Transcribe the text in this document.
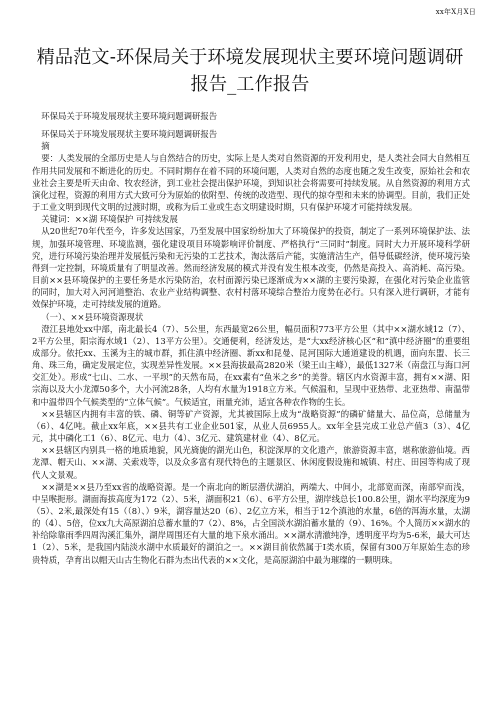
xx年X月X日
精品范文-环保局关于环境发展现状主要环境问题调研报告_工作报告

环保局关于环境发展现状主要环境问题调研报告

环保局关于环境发展现状主要环境问题调研报告

摘

要：人类发展的全部历史是人与自然结合的历史，实际上是人类对自然资源的开发利用史，是人类社会同大自然相互作用共同发展和不断进化的历史。不同时期存在着不同的环境问题，人类对自然的态度也随之发生改变，原始社会和农业社会主要是听天由命、牧农经济，到工业社会提出保护环境，到知识社会将需要可持续发展。从自然资源的利用方式演化过程，资源的利用方式大致可分为原始的依附型、传统的改造型、现代的掠夺型和未来的协调型。目前，我们正处于工业文明到现代文明的过渡时期，或称为后工业或生态文明建设时期，只有保护环境才可能持续发展。

关键词：××湖 环境保护 可持续发展

从20世纪70年代至今，许多发达国家，乃至发展中国家纷纷加大了环境保护的投资，制定了一系列环境保护法、法规，加强环境管理、环境监测，强化建设项目环境影响评价制度、严格执行“三同时”制度。同时大力开展环境科学研究，进行环境污染治理并发展低污染和无污染的工艺技术，淘汰落后产能，实施清洁生产，倡导低碳经济，使环境污染得到一定控制，环境质量有了明显改善。然而经济发展的模式并没有发生根本改变，仍然是高投入、高消耗、高污染。目前××县环境保护的主要任务是水污染防治，农村面源污染已逐渐成为××湖的主要污染源，在强化对污染企业监管的同时，加大对入河河道整治、农业产业结构调整、农村村落环境综合整治力度势在必行。只有深入进行调研，才能有效保护环境，走可持续发展的道路。

（一）、××县环境资源现状

澄江县地处xx中部，南北最长4（7）、5公里，东西最宽26公里，幅员面积773平方公里（其中××湖水域12（7）、2平方公里，阳宗海水域1（2）、13平方公里）。交通便利，经济发达，是“大xx经济核心区”和“滇中经济圈”的重要组成部分。依托xx、玉溪为主的城市群，抓住滇中经济圈、新xx和昆曼、昆河国际大通道建设的机遇，面向东盟、长三角、珠三角，确定发展定位，实现差异性发展。××县海拔最高2820米（梁王山主峰），最低1327米（南盘江与海口河交汇处）。形成“七山、二水、一平坝”的天然布局，在xx素有“鱼米之乡”的美誉。辖区内水资源丰富，拥有××湖、阳宗海以及大小龙潭50多个，大小河流28条，人均有水量为1918立方米。气候温和，呈现中亚热带、北亚热带、南温带和中温带四个气候类型的“立体气候”。气候适宜，雨量充沛，适宜各种农作物的生长。

××县辖区内拥有丰富的铁、磷、铜等矿产资源，尤其被国际上成为“战略资源”的磷矿储量大、品位高，总储量为（6）、4亿吨。截止xx年底，××县共有工业企业501家，从业人员6955人。xx年全县完成工业总产值3（3）、4亿元，其中磷化工1（6）、8亿元、电力（4）、3亿元、建筑建材业（4）、8亿元。

××县辖区内别具一格的地质地貌，风光旖旎的湖光山色，积淀深厚的文化遗产，旅游资源丰富，堪称旅游仙境。西龙潭、帽天山、××湖、关索戏等，以及众多富有现代特色的主题景区、休闲度假设施和城镇、村庄、田园等构成了现代人文景观。

××湖是××县乃至xx省的战略资源。是一个南北向的断层潜伏湖泊，两端大、中间小，北部宽而深，南部窄而浅，中呈喉扼形。湖面海拔高度为172（2）、5米，湖面积21（6）、6平方公里，湖岸线总长100.8公里，湖水平均深度为9（5）、2米,最深处有15（（8）、）9米，湖容量达20（6）、2亿立方米，相当于12个滇池的水量，6倍的洱海水量，太湖的（4）、5倍，位xx九大高原湖泊总蓄水量的7（2）、8%，占全国淡水湖泊蓄水量的（9）、16%。个人简历××湖水的补给除靠雨季四周沟溪汇集外，湖岸周围还有大量的地下泉水涌出。××湖水清澈纯净，透明度平均为5-6米，最大可达1（2）、5米，是我国内陆淡水湖中水质最好的湖泊之一。××湖目前依然属于I类水质，保留有300万年原始生态的珍贵特质，孕育出以帽天山古生物化石群为杰出代表的××文化，是高原湖泊中最为璀璨的一颗明珠。
